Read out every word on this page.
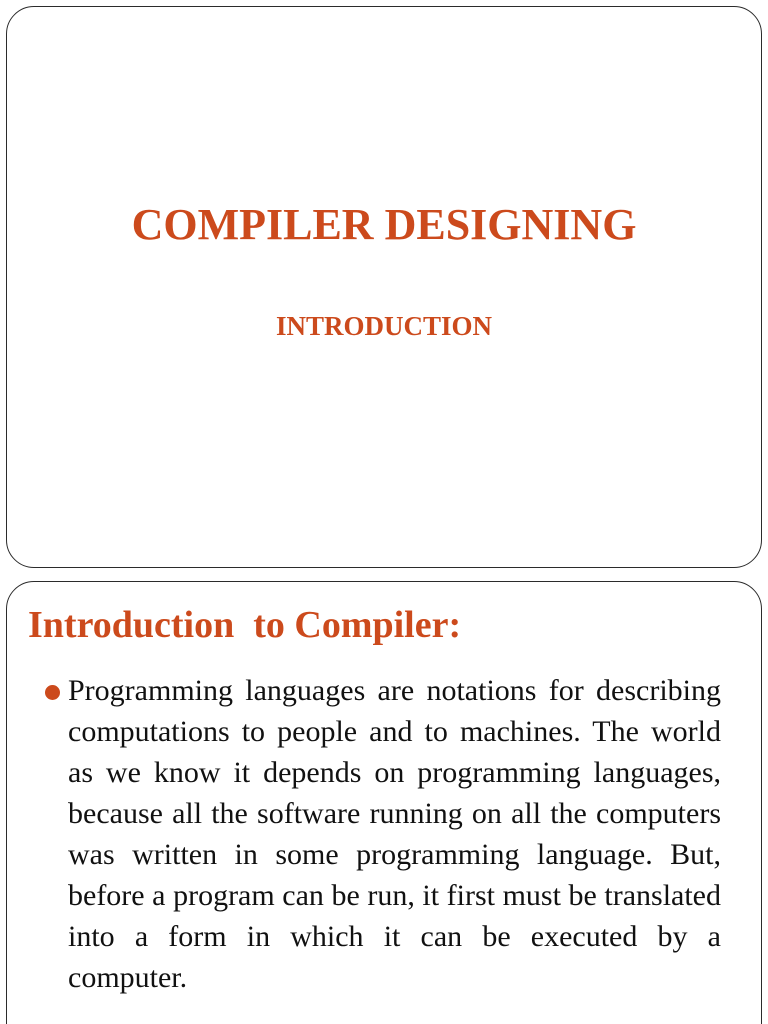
COMPILER DESIGNING
INTRODUCTION
Introduction  to Compiler:

Programming languages are notations for describing computations to people and to machines. The world as we know it depends on programming languages, because all the software running on all the computers was written in some programming language. But, before a program can be run, it first must be translated into a form in which it can be executed by a computer.
